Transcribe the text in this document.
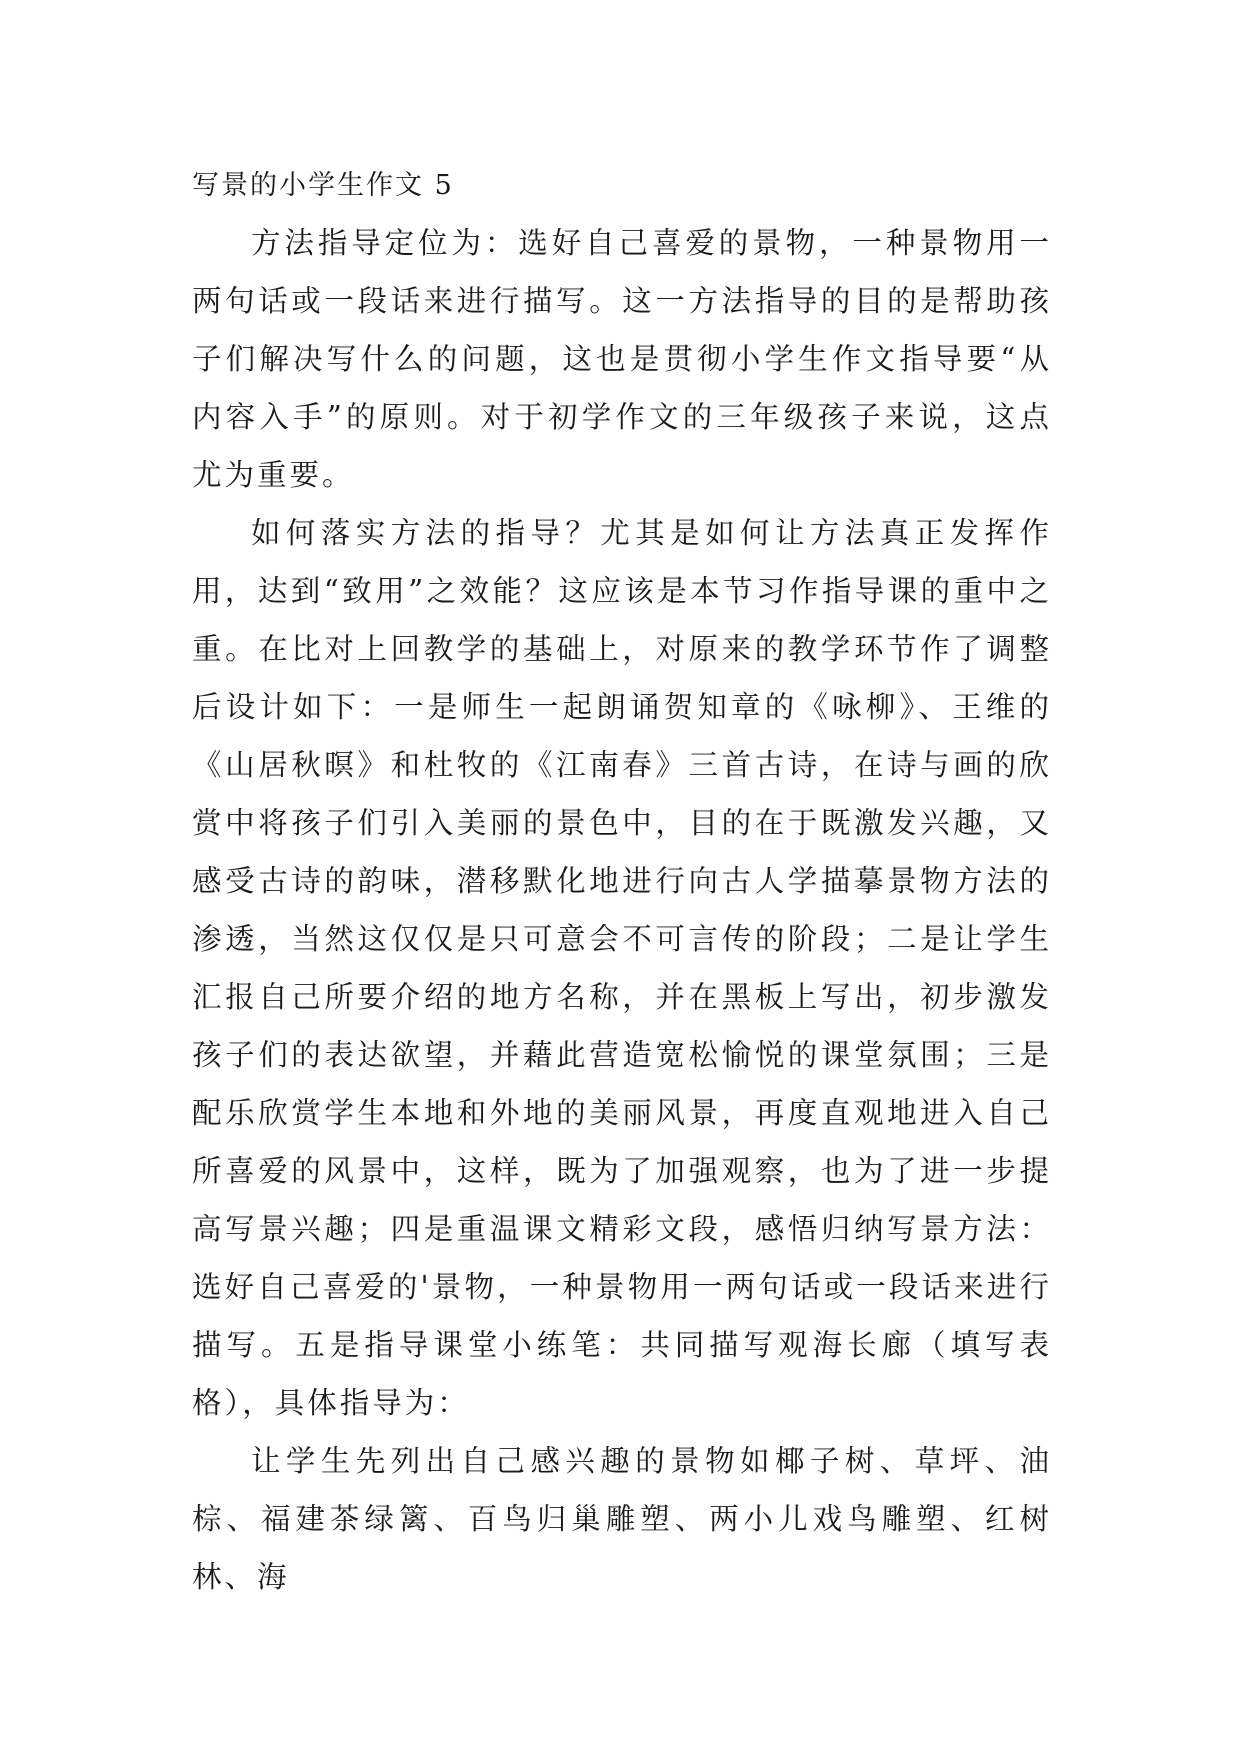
写景的小学生作文 5

方法指导定位为：选好自己喜爱的景物，一种景物用一两句话或一段话来进行描写。这一方法指导的目的是帮助孩子们解决写什么的问题，这也是贯彻小学生作文指导要“从内容入手”的原则。对于初学作文的三年级孩子来说，这点尤为重要。

如何落实方法的指导？尤其是如何让方法真正发挥作用，达到“致用”之效能？这应该是本节习作指导课的重中之重。在比对上回教学的基础上，对原来的教学环节作了调整后设计如下：一是师生一起朗诵贺知章的《咏柳》、王维的《山居秋暝》和杜牧的《江南春》三首古诗，在诗与画的欣赏中将孩子们引入美丽的景色中，目的在于既激发兴趣，又感受古诗的韵味，潜移默化地进行向古人学描摹景物方法的渗透，当然这仅仅是只可意会不可言传的阶段；二是让学生汇报自己所要介绍的地方名称，并在黑板上写出，初步激发孩子们的表达欲望，并藉此营造宽松愉悦的课堂氛围；三是配乐欣赏学生本地和外地的美丽风景，再度直观地进入自己所喜爱的风景中，这样，既为了加强观察，也为了进一步提高写景兴趣；四是重温课文精彩文段，感悟归纳写景方法：选好自己喜爱的'景物，一种景物用一两句话或一段话来进行描写。五是指导课堂小练笔：共同描写观海长廊（填写表格），具体指导为：

让学生先列出自己感兴趣的景物如椰子树、草坪、油棕、福建茶绿篱、百鸟归巢雕塑、两小儿戏鸟雕塑、红树林、海
